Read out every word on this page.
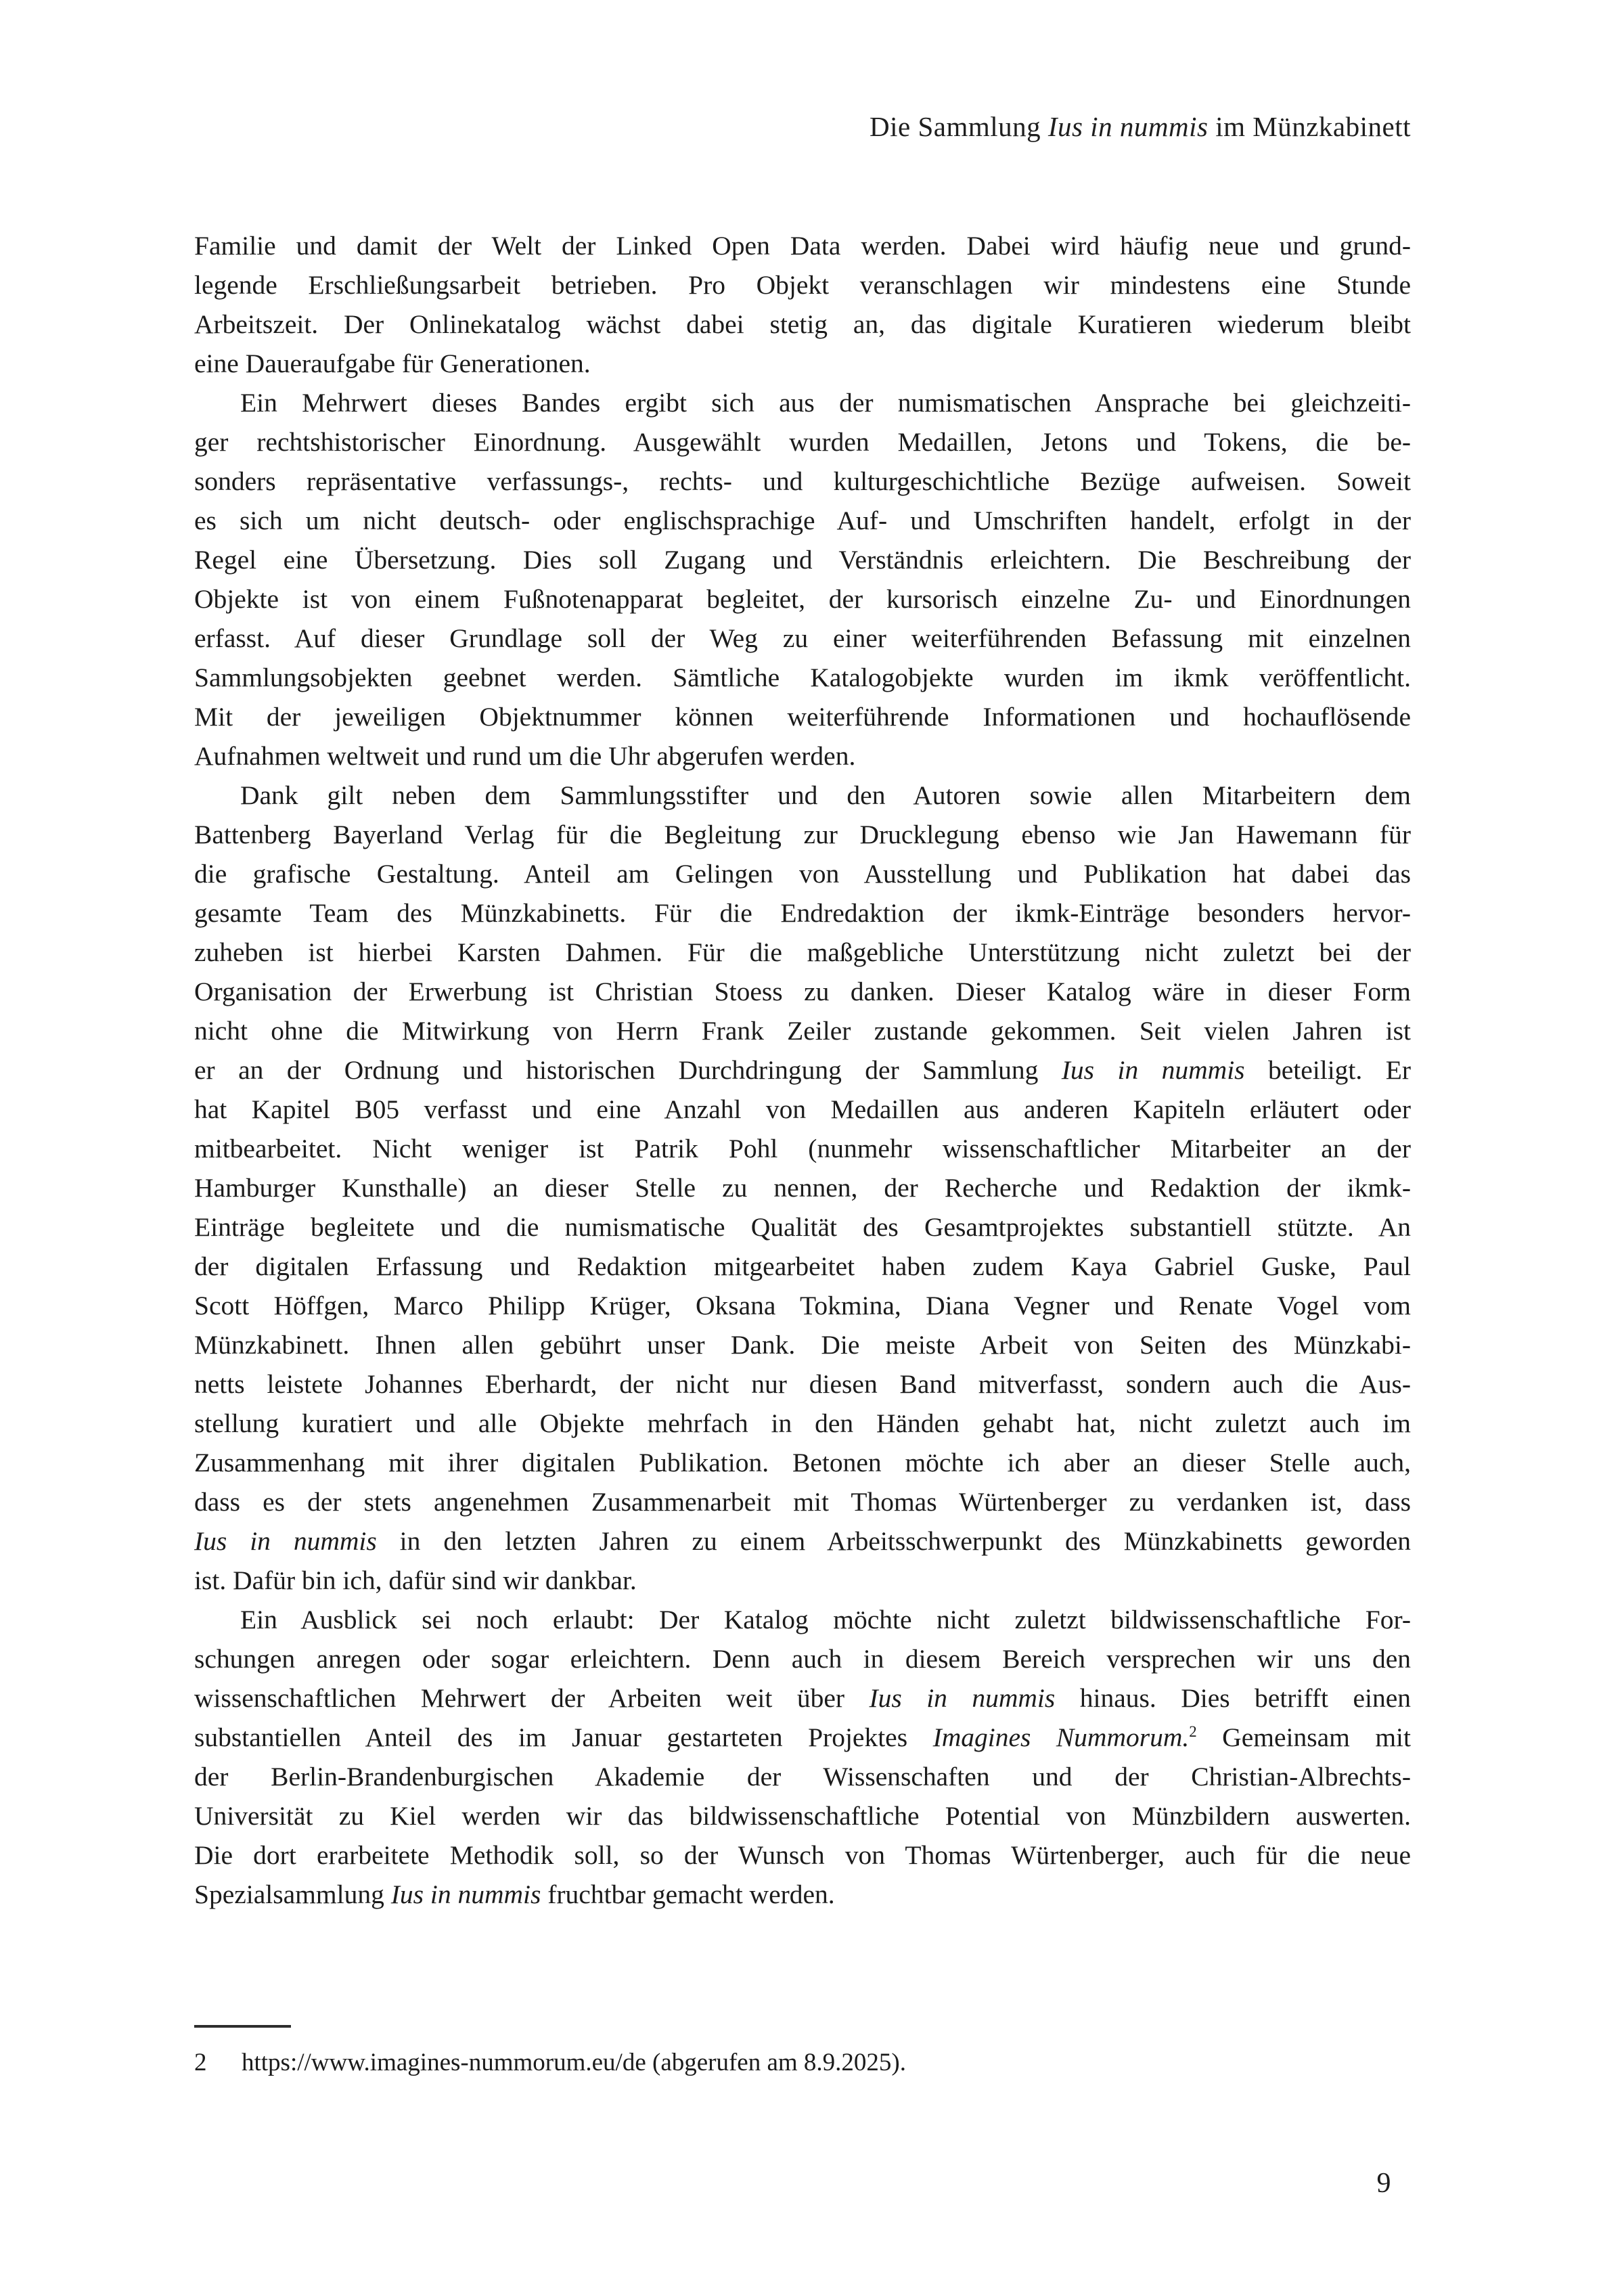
Die Sammlung Ius in nummis im Münzkabinett
Familie und damit der Welt der Linked Open Data werden. Dabei wird häufig neue und grund-
legende Erschließungsarbeit betrieben. Pro Objekt veranschlagen wir mindestens eine Stunde
Arbeitszeit. Der Onlinekatalog wächst dabei stetig an, das digitale Kuratieren wiederum bleibt
eine Daueraufgabe für Generationen.
Ein Mehrwert dieses Bandes ergibt sich aus der numismatischen Ansprache bei gleichzeiti-
ger rechtshistorischer Einordnung. Ausgewählt wurden Medaillen, Jetons und Tokens, die be-
sonders repräsentative verfassungs-, rechts- und kulturgeschichtliche Bezüge aufweisen. Soweit
es sich um nicht deutsch- oder englischsprachige Auf- und Umschriften handelt, erfolgt in der
Regel eine Übersetzung. Dies soll Zugang und Verständnis erleichtern. Die Beschreibung der
Objekte ist von einem Fußnotenapparat begleitet, der kursorisch einzelne Zu- und Einordnungen
erfasst. Auf dieser Grundlage soll der Weg zu einer weiterführenden Befassung mit einzelnen
Sammlungsobjekten geebnet werden. Sämtliche Katalogobjekte wurden im ikmk veröffentlicht.
Mit der jeweiligen Objektnummer können weiterführende Informationen und hochauflösende
Aufnahmen weltweit und rund um die Uhr abgerufen werden.
Dank gilt neben dem Sammlungsstifter und den Autoren sowie allen Mitarbeitern dem
Battenberg Bayerland Verlag für die Begleitung zur Drucklegung ebenso wie Jan Hawemann für
die grafische Gestaltung. Anteil am Gelingen von Ausstellung und Publikation hat dabei das
gesamte Team des Münzkabinetts. Für die Endredaktion der ikmk-Einträge besonders hervor-
zuheben ist hierbei Karsten Dahmen. Für die maßgebliche Unterstützung nicht zuletzt bei der
Organisation der Erwerbung ist Christian Stoess zu danken. Dieser Katalog wäre in dieser Form
nicht ohne die Mitwirkung von Herrn Frank Zeiler zustande gekommen. Seit vielen Jahren ist
er an der Ordnung und historischen Durchdringung der Sammlung Ius in nummis beteiligt. Er
hat Kapitel B05 verfasst und eine Anzahl von Medaillen aus anderen Kapiteln erläutert oder
mitbearbeitet. Nicht weniger ist Patrik Pohl (nunmehr wissenschaftlicher Mitarbeiter an der
Hamburger Kunsthalle) an dieser Stelle zu nennen, der Recherche und Redaktion der ikmk-
Einträge begleitete und die numismatische Qualität des Gesamtprojektes substantiell stützte. An
der digitalen Erfassung und Redaktion mitgearbeitet haben zudem Kaya Gabriel Guske, Paul
Scott Höffgen, Marco Philipp Krüger, Oksana Tokmina, Diana Vegner und Renate Vogel vom
Münzkabinett. Ihnen allen gebührt unser Dank. Die meiste Arbeit von Seiten des Münzkabi-
netts leistete Johannes Eberhardt, der nicht nur diesen Band mitverfasst, sondern auch die Aus-
stellung kuratiert und alle Objekte mehrfach in den Händen gehabt hat, nicht zuletzt auch im
Zusammenhang mit ihrer digitalen Publikation. Betonen möchte ich aber an dieser Stelle auch,
dass es der stets angenehmen Zusammenarbeit mit Thomas Würtenberger zu verdanken ist, dass
Ius in nummis in den letzten Jahren zu einem Arbeitsschwerpunkt des Münzkabinetts geworden
ist. Dafür bin ich, dafür sind wir dankbar.
Ein Ausblick sei noch erlaubt: Der Katalog möchte nicht zuletzt bildwissenschaftliche For-
schungen anregen oder sogar erleichtern. Denn auch in diesem Bereich versprechen wir uns den
wissenschaftlichen Mehrwert der Arbeiten weit über Ius in nummis hinaus. Dies betrifft einen
substantiellen Anteil des im Januar gestarteten Projektes Imagines Nummorum.$^2$ Gemeinsam mit
der Berlin-Brandenburgischen Akademie der Wissenschaften und der Christian-Albrechts-
Universität zu Kiel werden wir das bildwissenschaftliche Potential von Münzbildern auswerten.
Die dort erarbeitete Methodik soll, so der Wunsch von Thomas Würtenberger, auch für die neue
Spezialsammlung Ius in nummis fruchtbar gemacht werden.
2 https://www.imagines-nummorum.eu/de (abgerufen am 8.9.2025).
9
